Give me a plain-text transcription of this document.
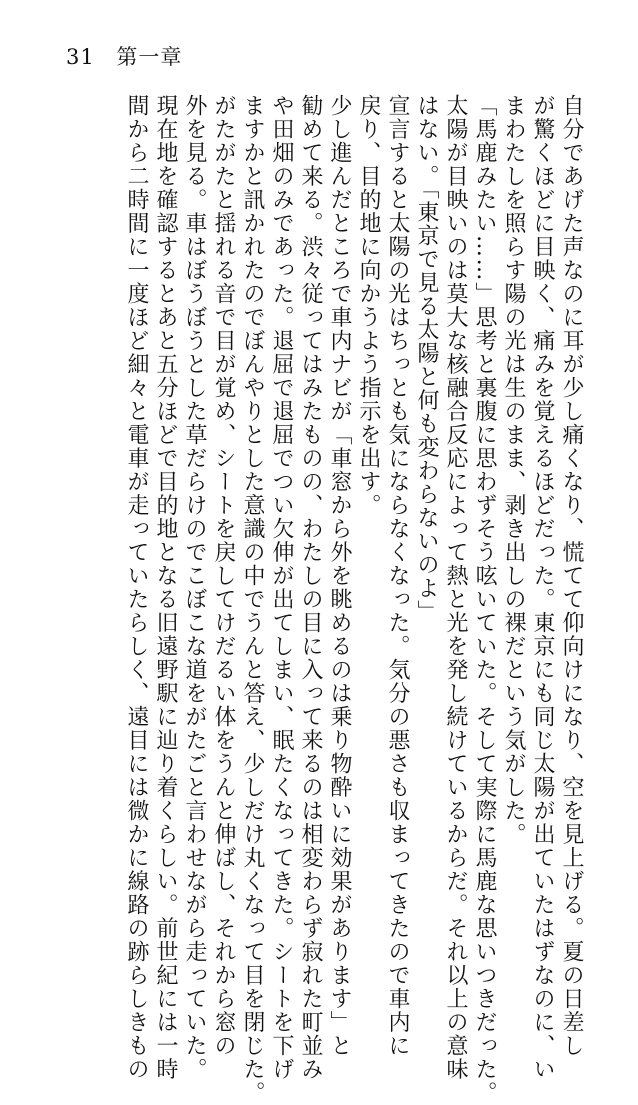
31 第一章

自分であげた声なのに耳が少し痛くなり、慌てて仰向けになり、空を見上げる。夏の日差し

が驚くほどに目映く、痛みを覚えるほどだった。東京にも同じ太陽が出ていたはずなのに、い

まわたしを照らす陽の光は生のまま、剥き出しの裸だという気がした。

「馬鹿みたい……」思考と裏腹に思わずそう呟いていた。そして実際に馬鹿な思いつきだった。

太陽が目映いのは莫大な核融合反応によって熱と光を発し続けているからだ。それ以上の意味

はない。「東京で見る太陽と何も変わらないのよ」

宣言すると太陽の光はちっとも気にならなくなった。気分の悪さも収まってきたので車内に

戻り、目的地に向かうよう指示を出す。

少し進んだところで車内ナビが「車窓から外を眺めるのは乗り物酔いに効果があります」と

勧めて来る。渋々従ってはみたものの、わたしの目に入って来るのは相変わらず寂れた町並み

や田畑のみであった。退屈で退屈でつい欠伸が出てしまい、眠たくなってきた。シートを下げ

ますかと訊かれたのでぼんやりとした意識の中でうんと答え、少しだけ丸くなって目を閉じた。

がたがたと揺れる音で目が覚め、シートを戻してけだるい体をうんと伸ばし、それから窓の

外を見る。車はぼうぼうとした草だらけのでこぼこな道をがたごと言わせながら走っていた。

現在地を確認するとあと五分ほどで目的地となる旧遠野駅に辿り着くらしい。前世紀には一時

間から二時間に一度ほど細々と電車が走っていたらしく、遠目には微かに線路の跡らしきもの
